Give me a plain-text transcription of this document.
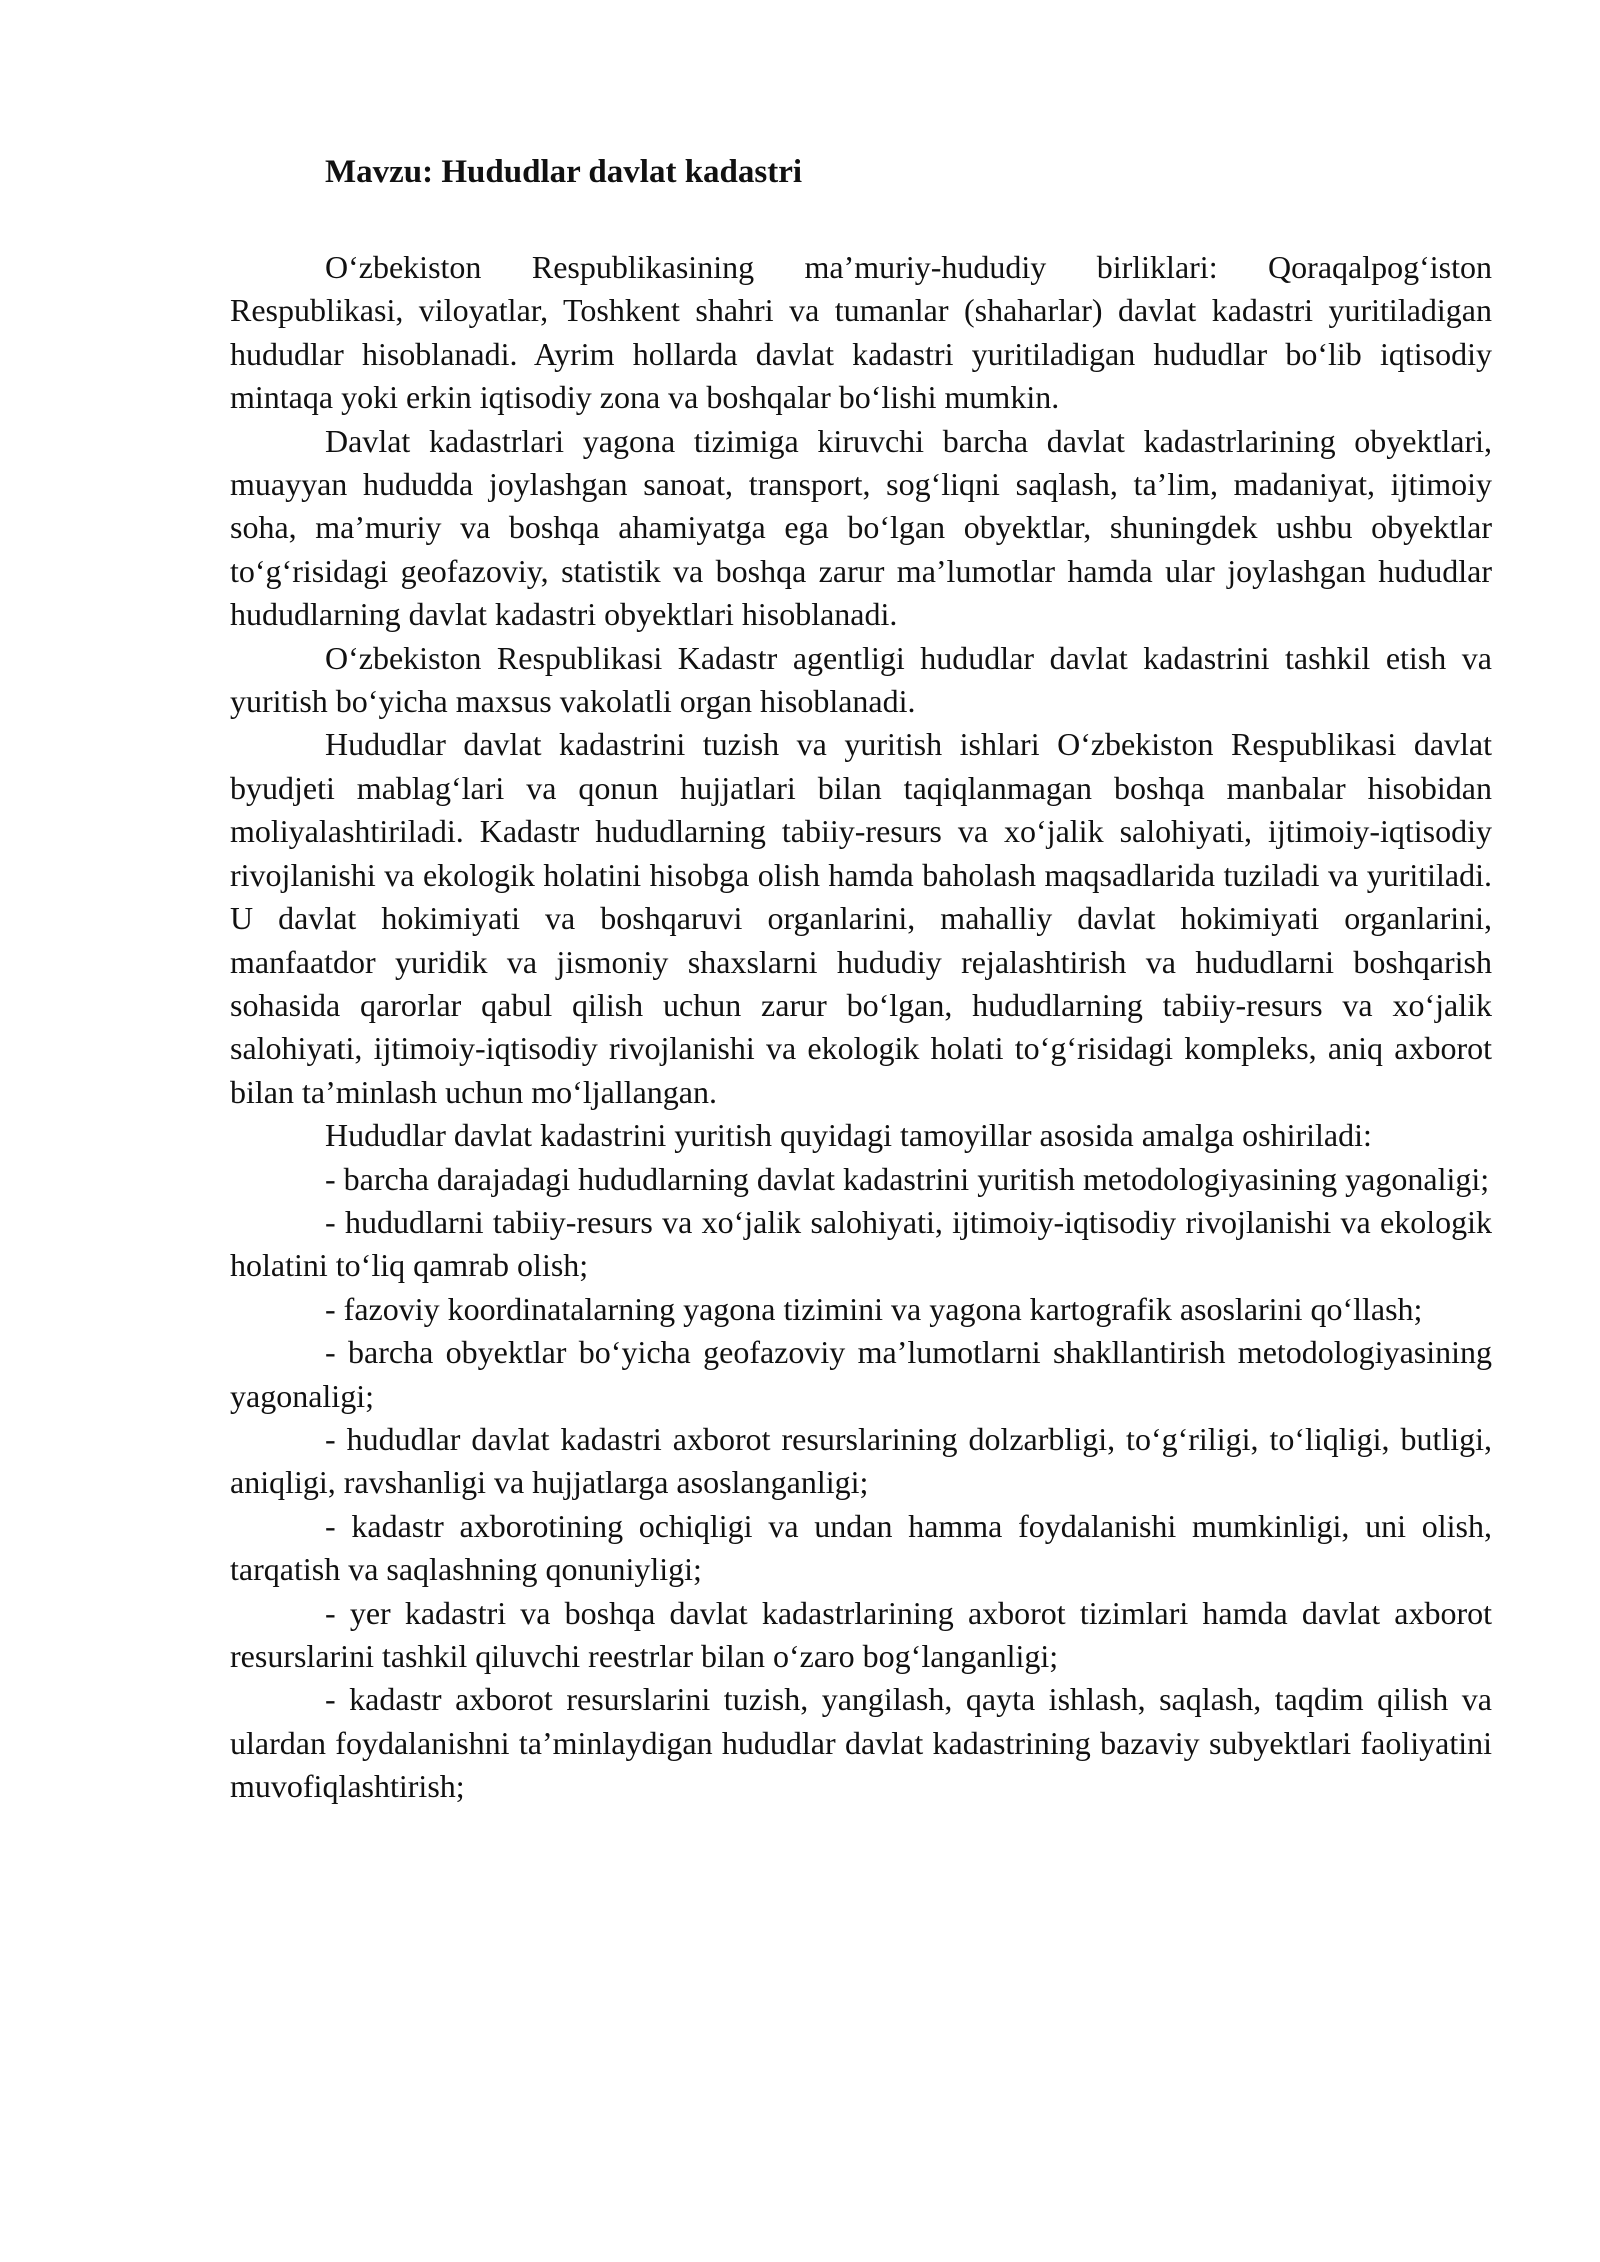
Mavzu: Hududlar davlat kadastri

O‘zbekiston Respublikasining ma’muriy-hududiy birliklari: Qoraqalpog‘iston Respublikasi, viloyatlar, Toshkent shahri va tumanlar (shaharlar) davlat kadastri yuritiladigan hududlar hisoblanadi. Ayrim hollarda davlat kadastri yuritiladigan hududlar bo‘lib iqtisodiy mintaqa yoki erkin iqtisodiy zona va boshqalar bo‘lishi mumkin.

Davlat kadastrlari yagona tizimiga kiruvchi barcha davlat kadastrlarining obyektlari, muayyan hududda joylashgan sanoat, transport, sog‘liqni saqlash, ta’lim, madaniyat, ijtimoiy soha, ma’muriy va boshqa ahamiyatga ega bo‘lgan obyektlar, shuningdek ushbu obyektlar to‘g‘risidagi geofazoviy, statistik va boshqa zarur ma’lumotlar hamda ular joylashgan hududlar hududlarning davlat kadastri obyektlari hisoblanadi.

O‘zbekiston Respublikasi Kadastr agentligi hududlar davlat kadastrini tashkil etish va yuritish bo‘yicha maxsus vakolatli organ hisoblanadi.

Hududlar davlat kadastrini tuzish va yuritish ishlari O‘zbekiston Respublikasi davlat byudjeti mablag‘lari va qonun hujjatlari bilan taqiqlanmagan boshqa manbalar hisobidan moliyalashtiriladi. Kadastr hududlarning tabiiy-resurs va xo‘jalik salohiyati, ijtimoiy-iqtisodiy rivojlanishi va ekologik holatini hisobga olish hamda baholash maqsadlarida tuziladi va yuritiladi. U davlat hokimiyati va boshqaruvi organlarini, mahalliy davlat hokimiyati organlarini, manfaatdor yuridik va jismoniy shaxslarni hududiy rejalashtirish va hududlarni boshqarish sohasida qarorlar qabul qilish uchun zarur bo‘lgan, hududlarning tabiiy-resurs va xo‘jalik salohiyati, ijtimoiy-iqtisodiy rivojlanishi va ekologik holati to‘g‘risidagi kompleks, aniq axborot bilan ta’minlash uchun mo‘ljallangan.

Hududlar davlat kadastrini yuritish quyidagi tamoyillar asosida amalga oshiriladi:

- barcha darajadagi hududlarning davlat kadastrini yuritish metodologiyasining yagonaligi;

- hududlarni tabiiy-resurs va xo‘jalik salohiyati, ijtimoiy-iqtisodiy rivojlanishi va ekologik holatini to‘liq qamrab olish;

- fazoviy koordinatalarning yagona tizimini va yagona kartografik asoslarini qo‘llash;

- barcha obyektlar bo‘yicha geofazoviy ma’lumotlarni shakllantirish metodologiyasining yagonaligi;

- hududlar davlat kadastri axborot resurslarining dolzarbligi, to‘g‘riligi, to‘liqligi, butligi, aniqligi, ravshanligi va hujjatlarga asoslanganligi;

- kadastr axborotining ochiqligi va undan hamma foydalanishi mumkinligi, uni olish, tarqatish va saqlashning qonuniyligi;

- yer kadastri va boshqa davlat kadastrlarining axborot tizimlari hamda davlat axborot resurslarini tashkil qiluvchi reestrlar bilan o‘zaro bog‘langanligi;

- kadastr axborot resurslarini tuzish, yangilash, qayta ishlash, saqlash, taqdim qilish va ulardan foydalanishni ta’minlaydigan hududlar davlat kadastrining bazaviy subyektlari faoliyatini muvofiqlashtirish;
